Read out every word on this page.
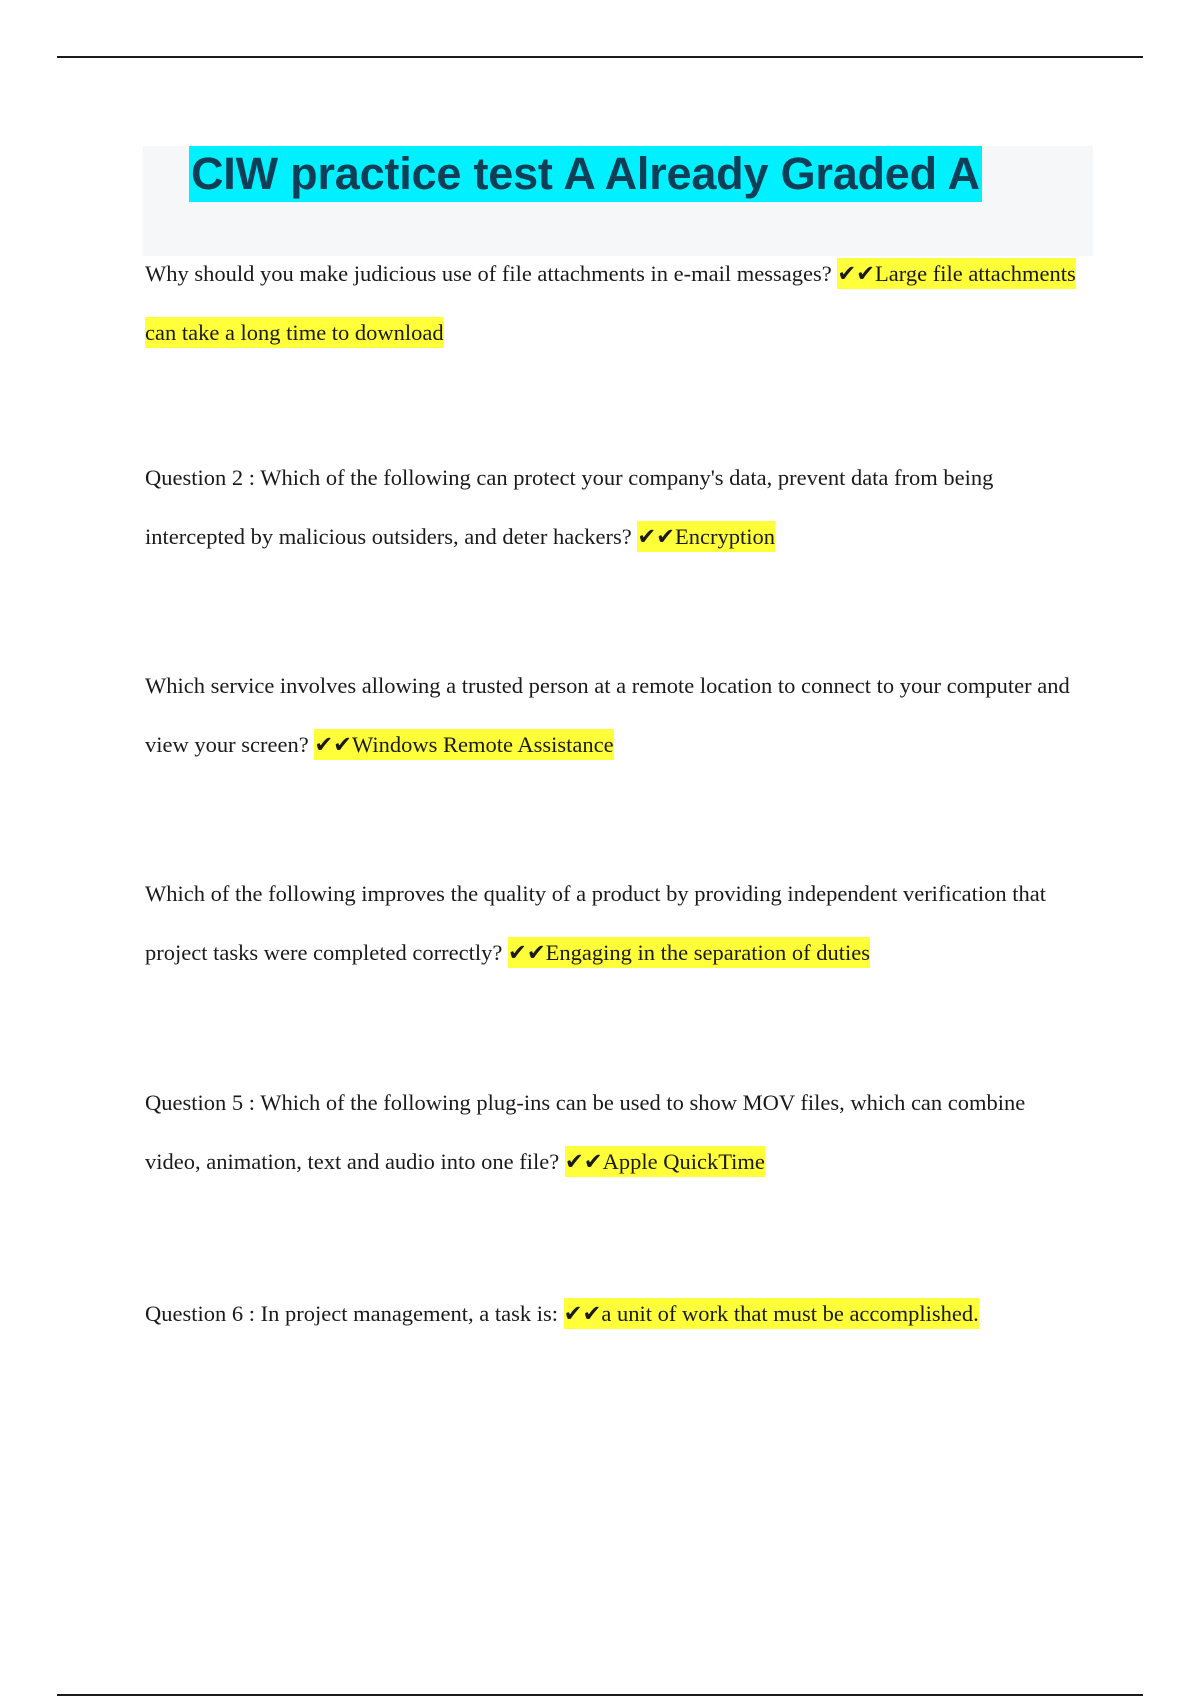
CIW practice test A Already Graded A
Why should you make judicious use of file attachments in e-mail messages? ✔✔Large file attachments can take a long time to download
Question 2 : Which of the following can protect your company's data, prevent data from being intercepted by malicious outsiders, and deter hackers? ✔✔Encryption
Which service involves allowing a trusted person at a remote location to connect to your computer and view your screen? ✔✔Windows Remote Assistance
Which of the following improves the quality of a product by providing independent verification that project tasks were completed correctly? ✔✔Engaging in the separation of duties
Question 5 : Which of the following plug-ins can be used to show MOV files, which can combine video, animation, text and audio into one file? ✔✔Apple QuickTime
Question 6 : In project management, a task is: ✔✔a unit of work that must be accomplished.
